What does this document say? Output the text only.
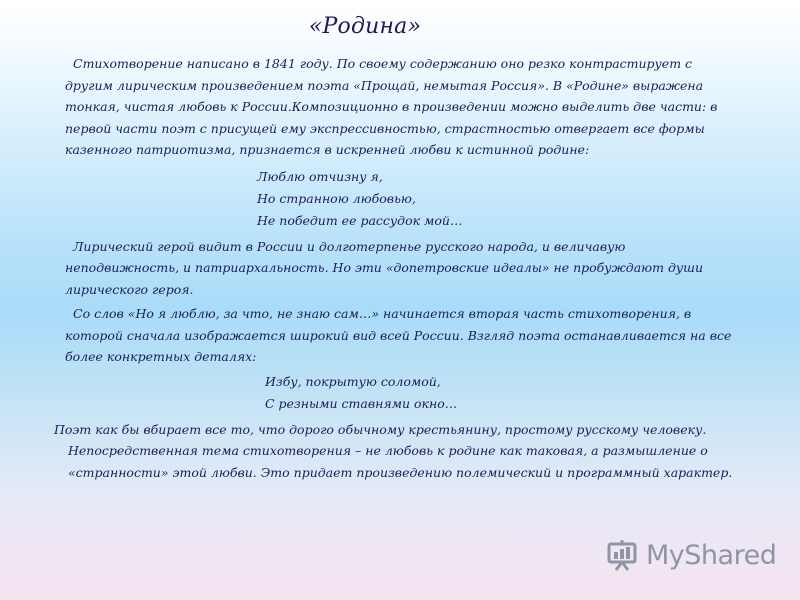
«Родина»

Стихотворение написано в 1841 году. По своему содержанию оно резко контрастирует с другим лирическим произведением поэта «Прощай, немытая Россия». В «Родине» выражена тонкая, чистая любовь к России.Композиционно в произведении можно выделить две части: в первой части поэт с присущей ему экспрессивностью, страстностью отвергает все формы казенного патриотизма, признается в искренней любви к истинной родине:

Люблю отчизну я,
Но странною любовью,
Не победит ее рассудок мой…

Лирический герой видит в России и долготерпенье русского народа, и величавую неподвижность, и патриархальность. Но эти «допетровские идеалы» не пробуждают души лирического героя.

Со слов «Но я люблю, за что, не знаю сам…» начинается вторая часть стихотворения, в которой сначала изображается широкий вид всей России. Взгляд поэта останавливается на все более конкретных деталях:

Избу, покрытую соломой,
С резными ставнями окно…

Поэт как бы вбирает все то, что дорого обычному крестьянину, простому русскому человеку.
Непосредственная тема стихотворения – не любовь к родине как таковая, а размышление о «странности» этой любви. Это придает произведению полемический и программный характер.

MyShared
